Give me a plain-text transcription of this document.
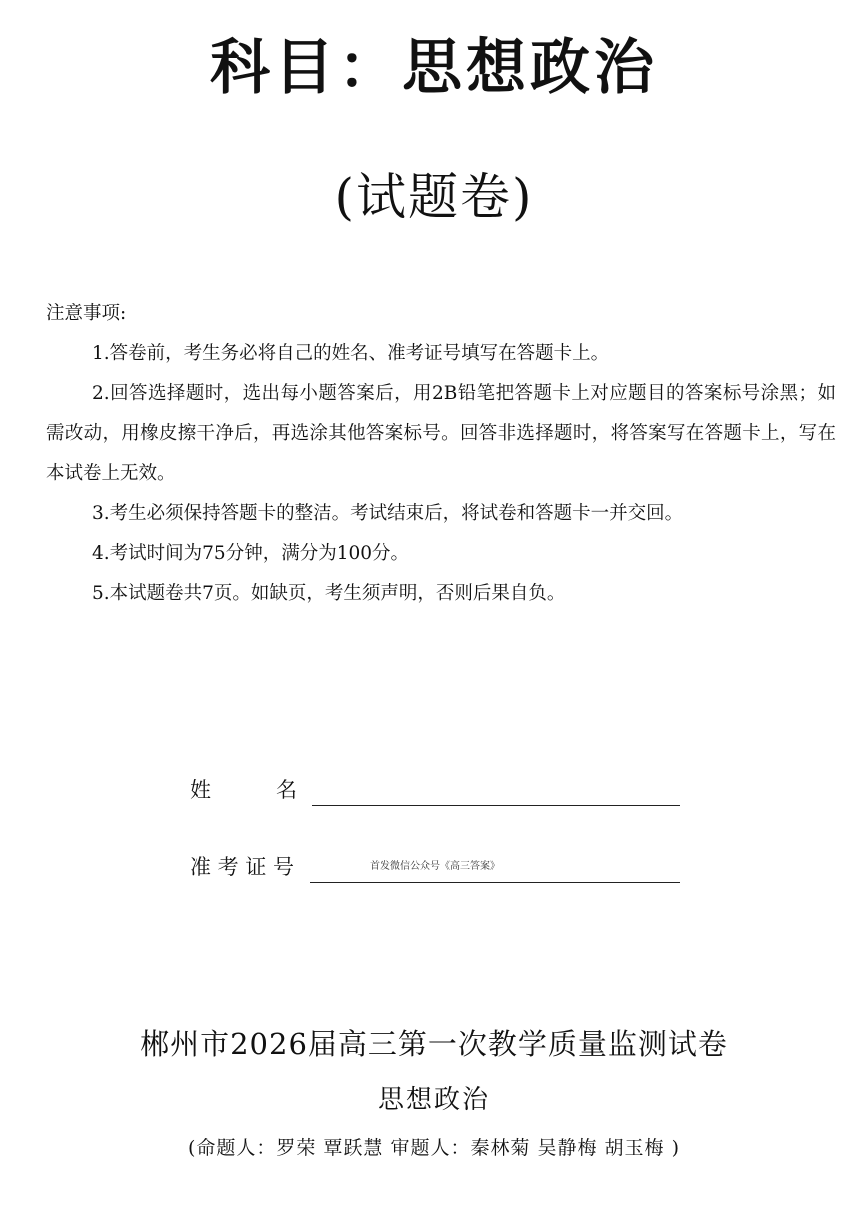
科目：思想政治
(试题卷)
注意事项:

1.答卷前，考生务必将自己的姓名、准考证号填写在答题卡上。

2.回答选择题时，选出每小题答案后，用2B铅笔把答题卡上对应题目的答案标号涂黑；如需改动，用橡皮擦干净后，再选涂其他答案标号。回答非选择题时，将答案写在答题卡上，写在本试卷上无效。

3.考生必须保持答题卡的整洁。考试结束后，将试卷和答题卡一并交回。

4.考试时间为75分钟，满分为100分。

5.本试题卷共7页。如缺页，考生须声明，否则后果自负。

姓	名
准 考 证 号	首发微信公众号《高三答案》
郴州市2026届高三第一次教学质量监测试卷
思想政治
(命题人：罗荣 覃跃慧 审题人：秦林菊 吴静梅 胡玉梅 )
